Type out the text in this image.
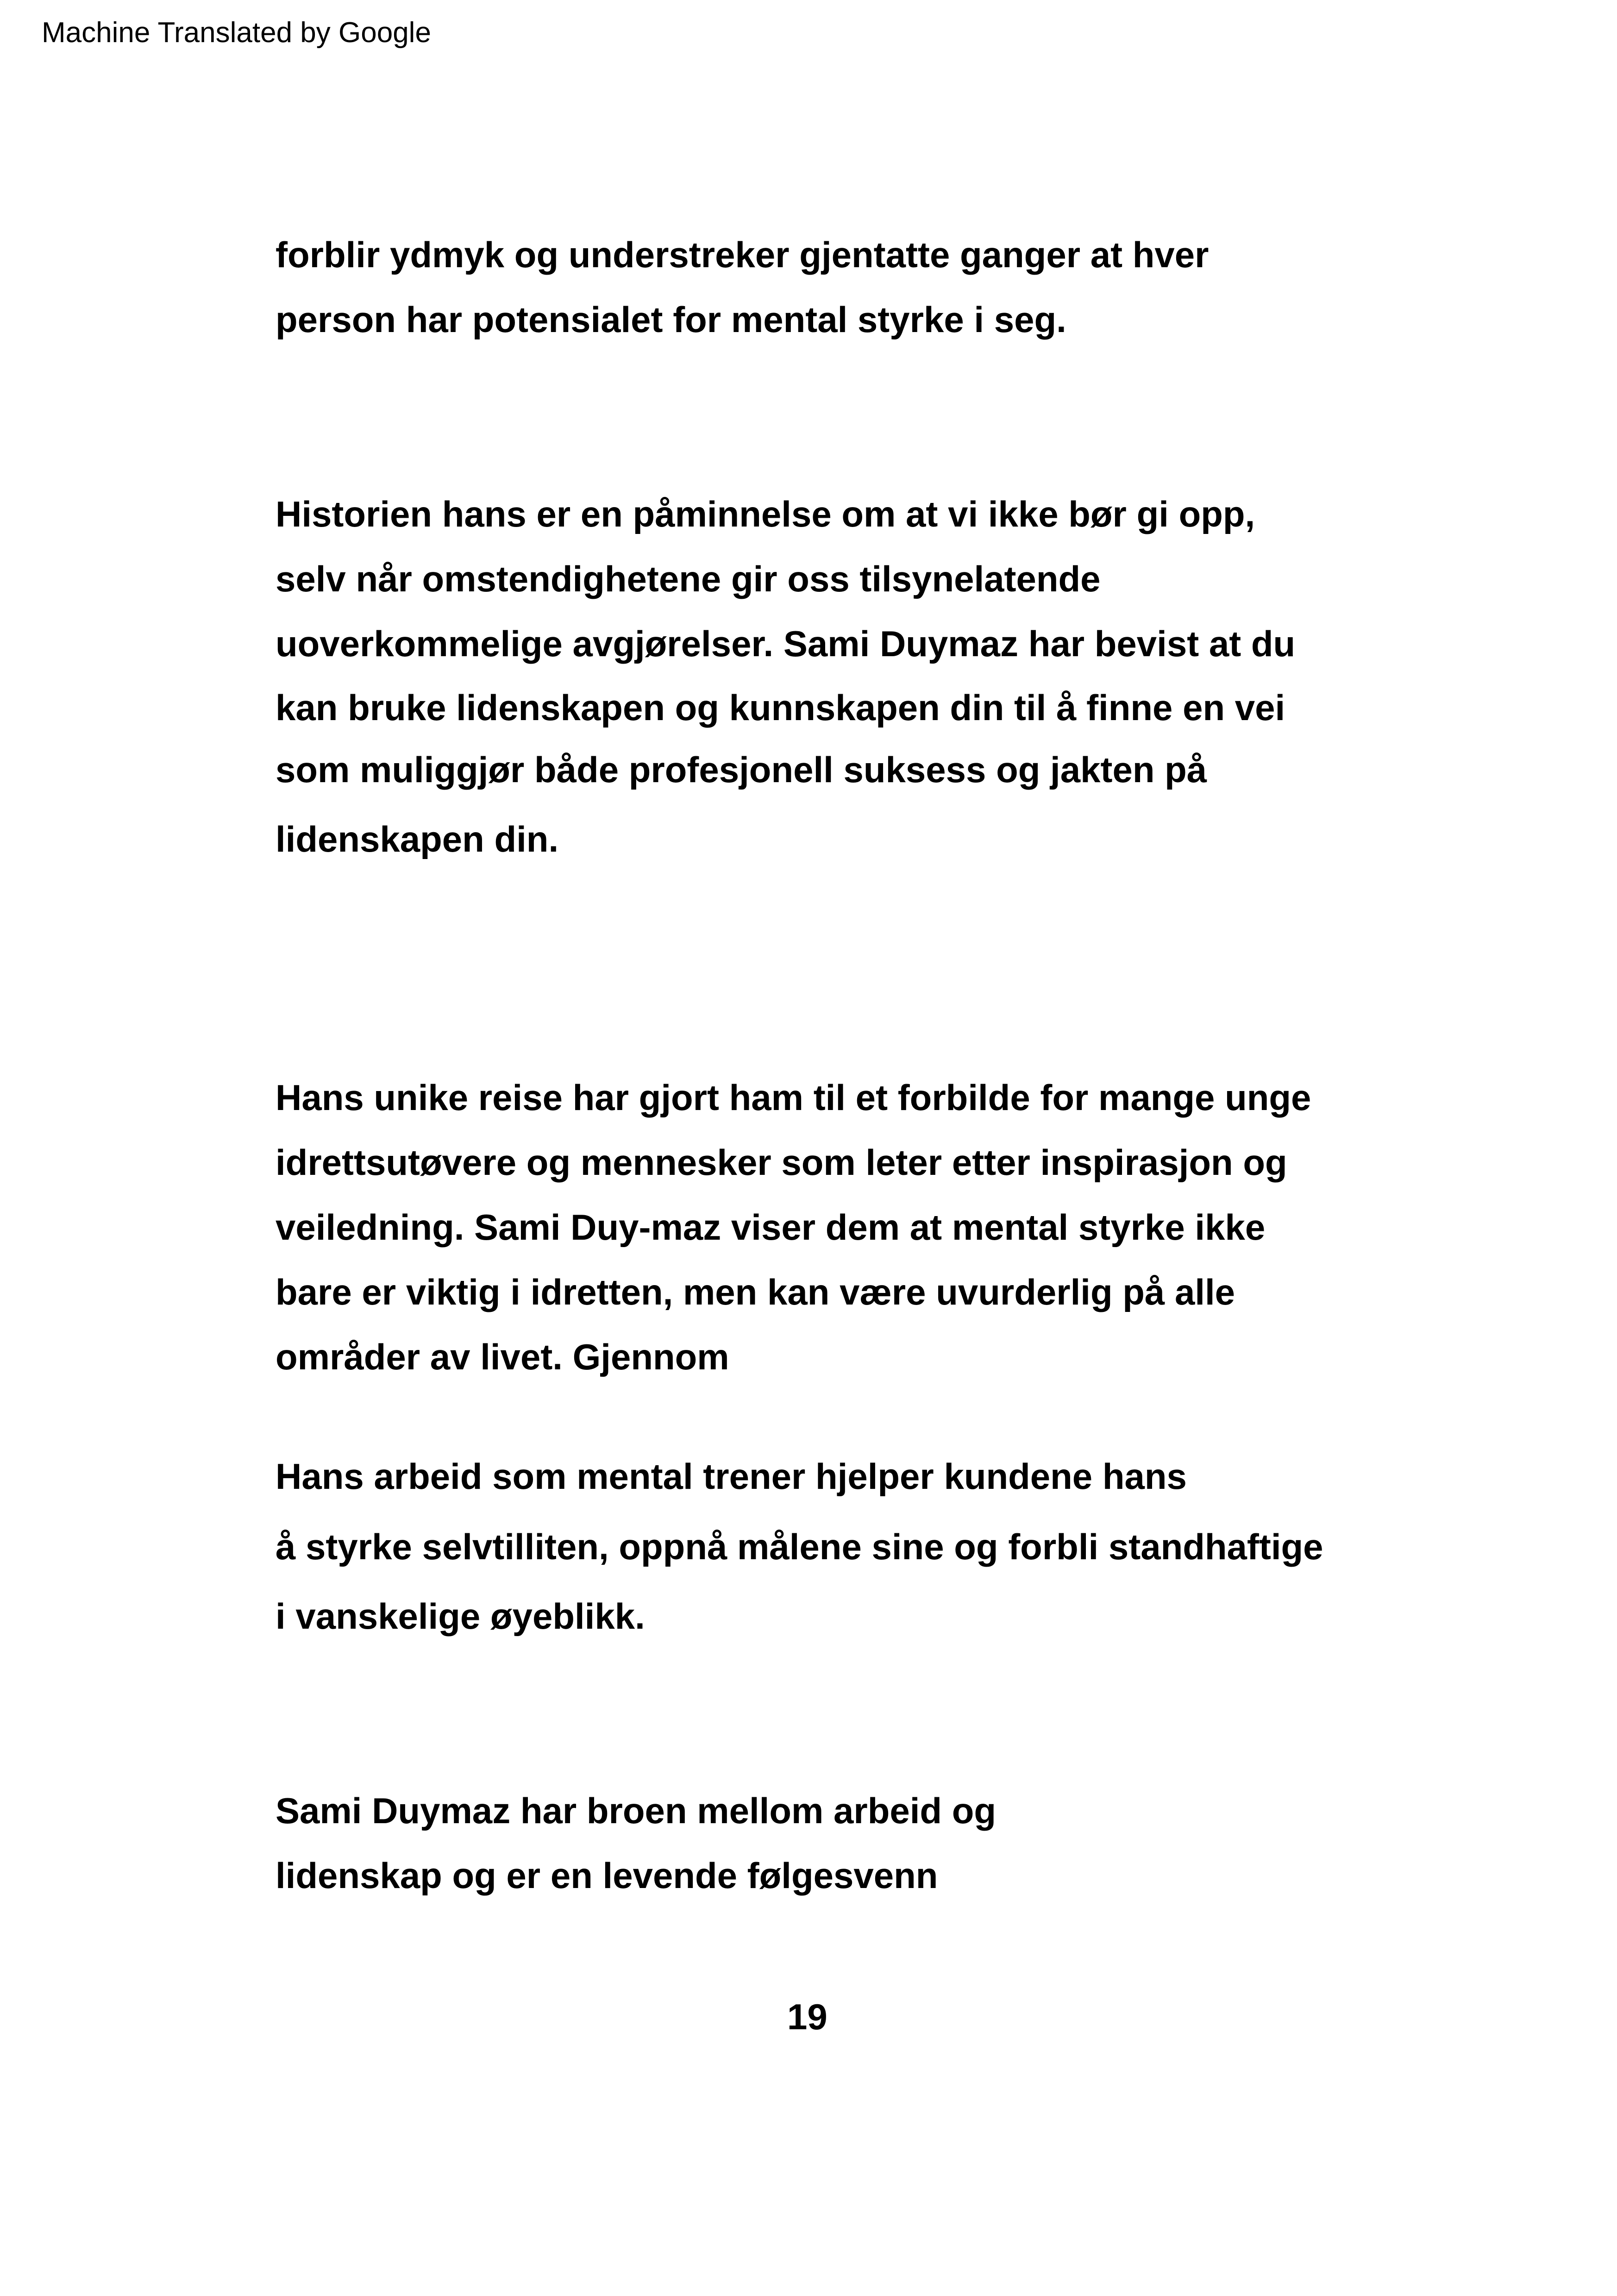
Machine Translated by Google
forblir ydmyk og understreker gjentatte ganger at hver
person har potensialet for mental styrke i seg.
Historien hans er en påminnelse om at vi ikke bør gi opp,
selv når omstendighetene gir oss tilsynelatende
uoverkommelige avgjørelser. Sami Duymaz har bevist at du
kan bruke lidenskapen og kunnskapen din til å finne en vei
som muliggjør både profesjonell suksess og jakten på
lidenskapen din.
Hans unike reise har gjort ham til et forbilde for mange unge
idrettsutøvere og mennesker som leter etter inspirasjon og
veiledning. Sami Duy-maz viser dem at mental styrke ikke
bare er viktig i idretten, men kan være uvurderlig på alle
områder av livet. Gjennom
Hans arbeid som mental trener hjelper kundene hans
å styrke selvtilliten, oppnå målene sine og forbli standhaftige
i vanskelige øyeblikk.
Sami Duymaz har broen mellom arbeid og
lidenskap og er en levende følgesvenn
19
